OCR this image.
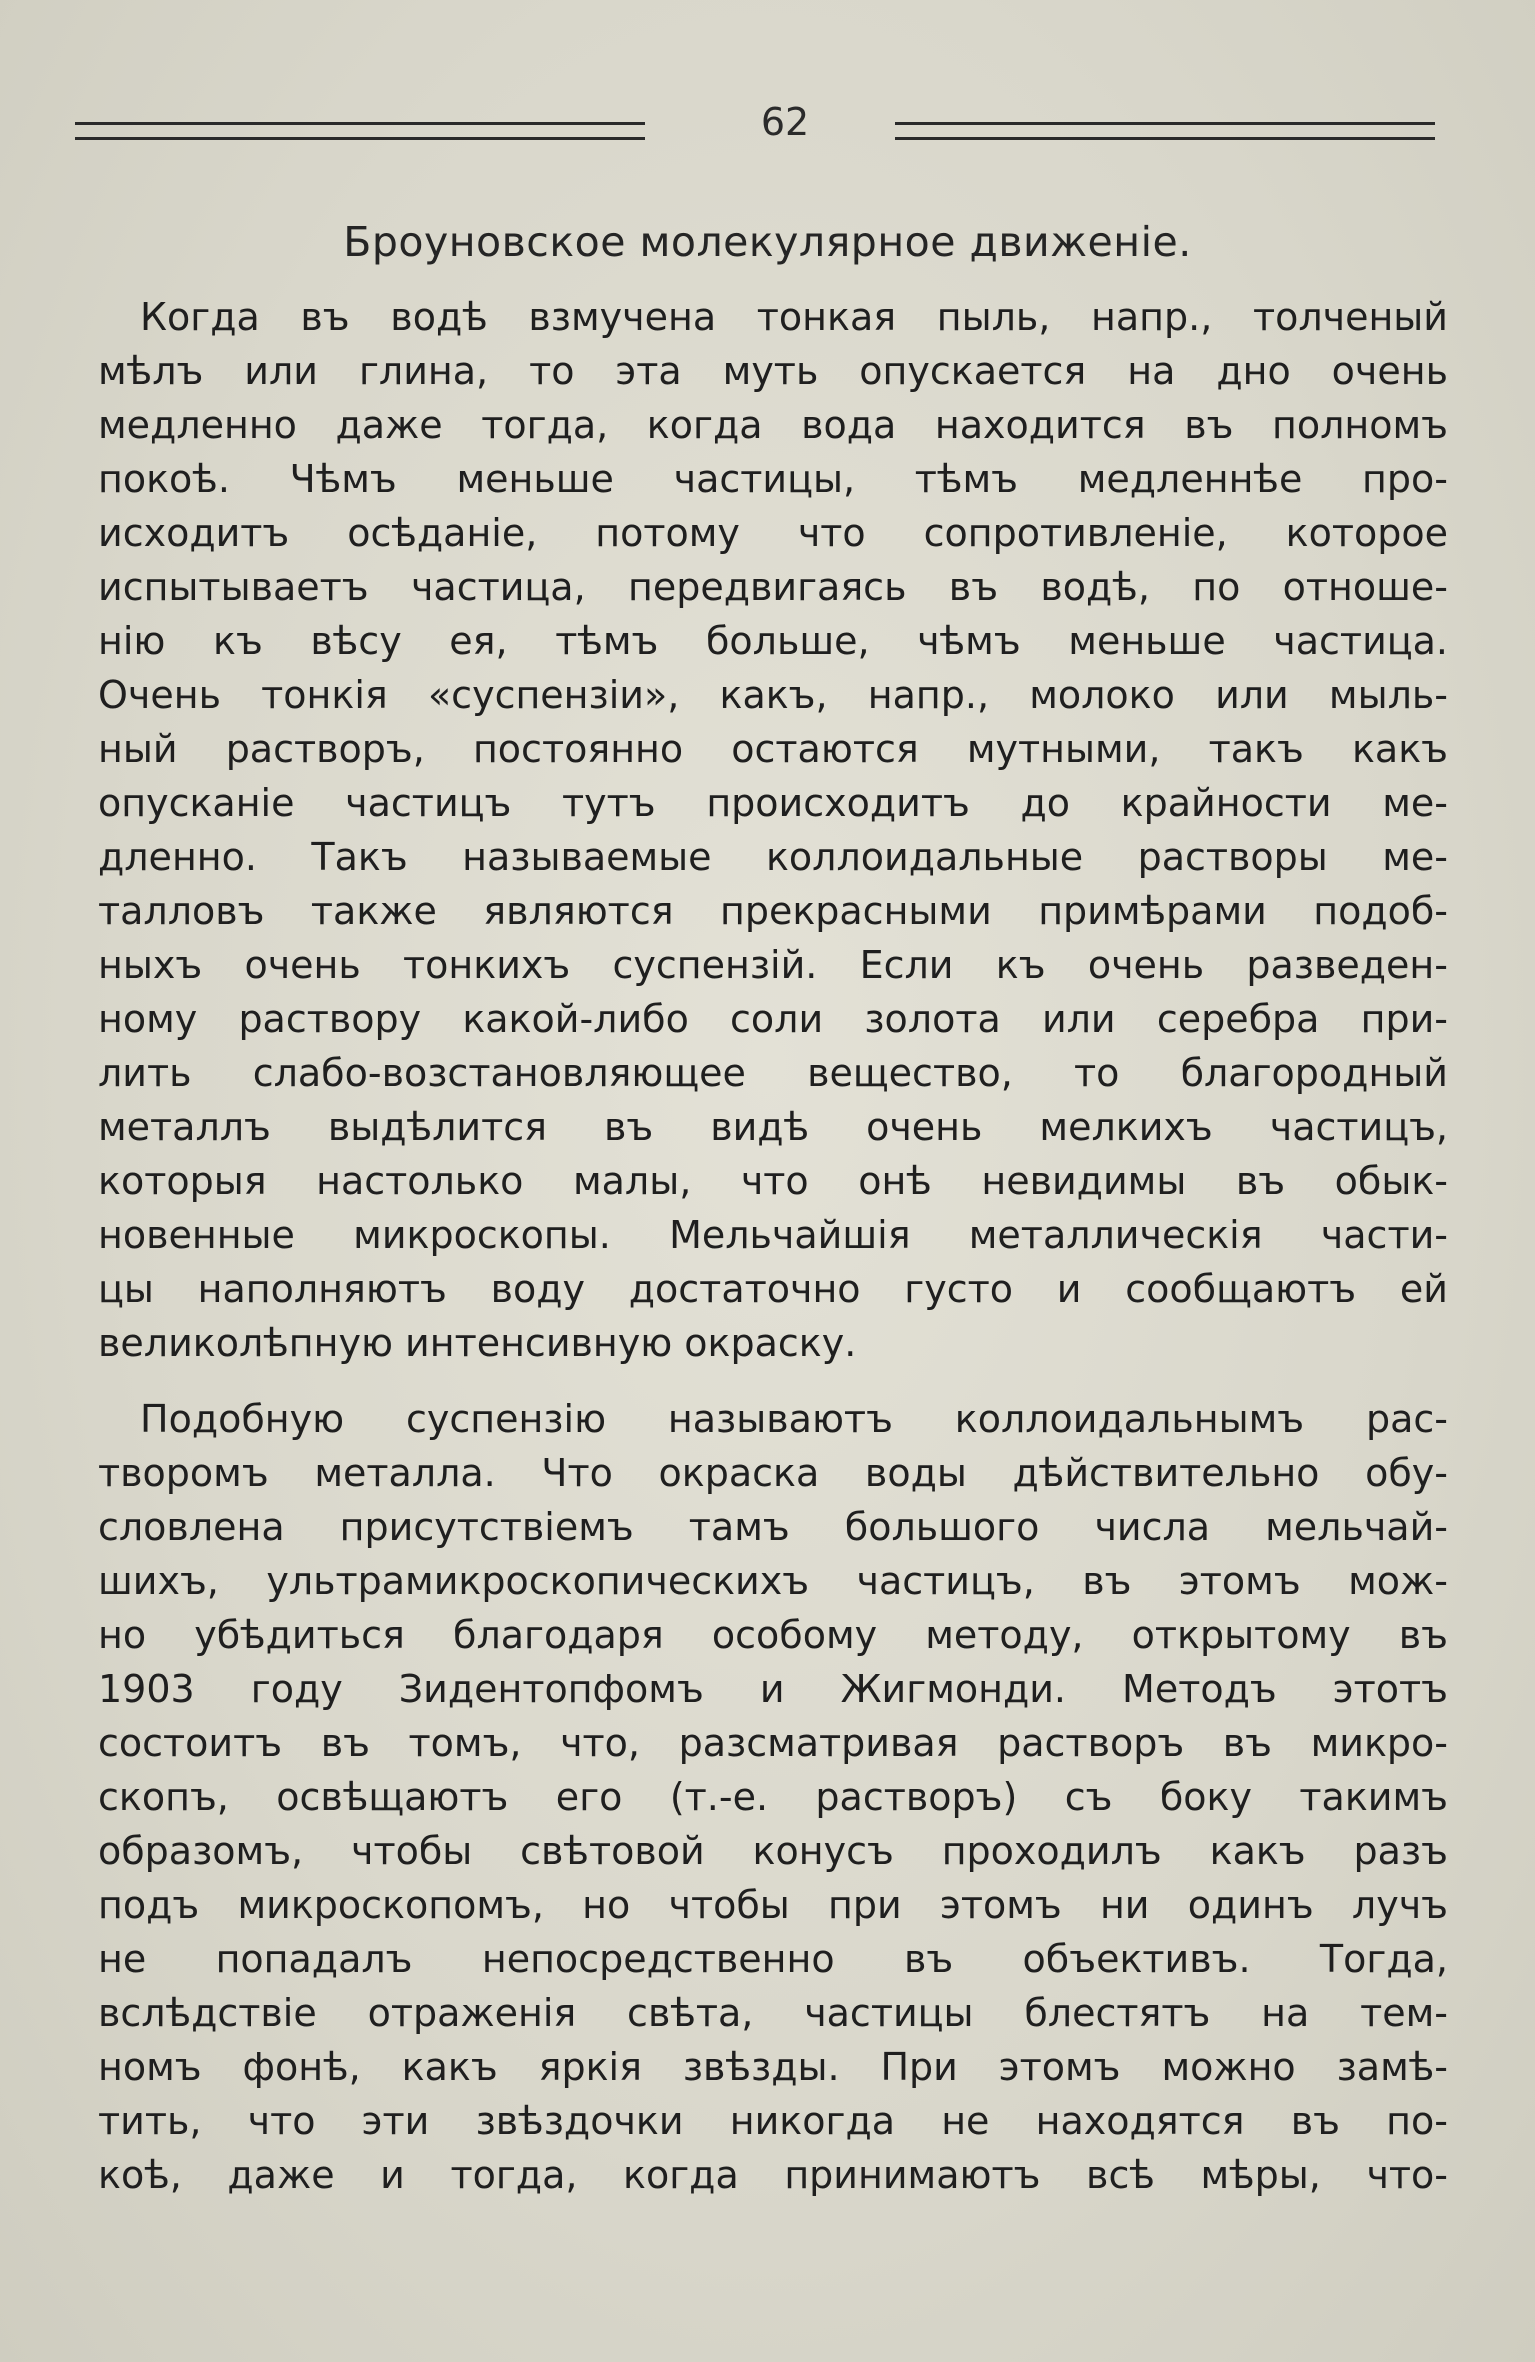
62
Броуновское молекулярное движеніе.
Когда въ водѣ взмучена тонкая пыль, напр., толченый
мѣлъ или глина, то эта муть опускается на дно очень
медленно даже тогда, когда вода находится въ полномъ
покоѣ. Чѣмъ меньше частицы, тѣмъ медленнѣе про-
исходитъ осѣданіе, потому что сопротивленіе, которое
испытываетъ частица, передвигаясь въ водѣ, по отноше-
нію къ вѣсу ея, тѣмъ больше, чѣмъ меньше частица.
Очень тонкія «суспензіи», какъ, напр., молоко или мыль-
ный растворъ, постоянно остаются мутными, такъ какъ
опусканіе частицъ тутъ происходитъ до крайности ме-
дленно. Такъ называемые коллоидальные растворы ме-
талловъ также являются прекрасными примѣрами подоб-
ныхъ очень тонкихъ суспензій. Если къ очень разведен-
ному раствору какой-либо соли золота или серебра при-
лить слабо-возстановляющее вещество, то благородный
металлъ выдѣлится въ видѣ очень мелкихъ частицъ,
которыя настолько малы, что онѣ невидимы въ обык-
новенные микроскопы. Мельчайшія металлическія части-
цы наполняютъ воду достаточно густо и сообщаютъ ей
великолѣпную интенсивную окраску.
Подобную суспензію называютъ коллоидальнымъ рас-
творомъ металла. Что окраска воды дѣйствительно обу-
словлена присутствіемъ тамъ большого числа мельчай-
шихъ, ультрамикроскопическихъ частицъ, въ этомъ мож-
но убѣдиться благодаря особому методу, открытому въ
1903 году Зидентопфомъ и Жигмонди. Методъ этотъ
состоитъ въ томъ, что, разсматривая растворъ въ микро-
скопъ, освѣщаютъ его (т.-е. растворъ) съ боку такимъ
образомъ, чтобы свѣтовой конусъ проходилъ какъ разъ
подъ микроскопомъ, но чтобы при этомъ ни одинъ лучъ
не попадалъ непосредственно въ объективъ. Тогда,
вслѣдствіе отраженія свѣта, частицы блестятъ на тем-
номъ фонѣ, какъ яркія звѣзды. При этомъ можно замѣ-
тить, что эти звѣздочки никогда не находятся въ по-
коѣ, даже и тогда, когда принимаютъ всѣ мѣры, что-
